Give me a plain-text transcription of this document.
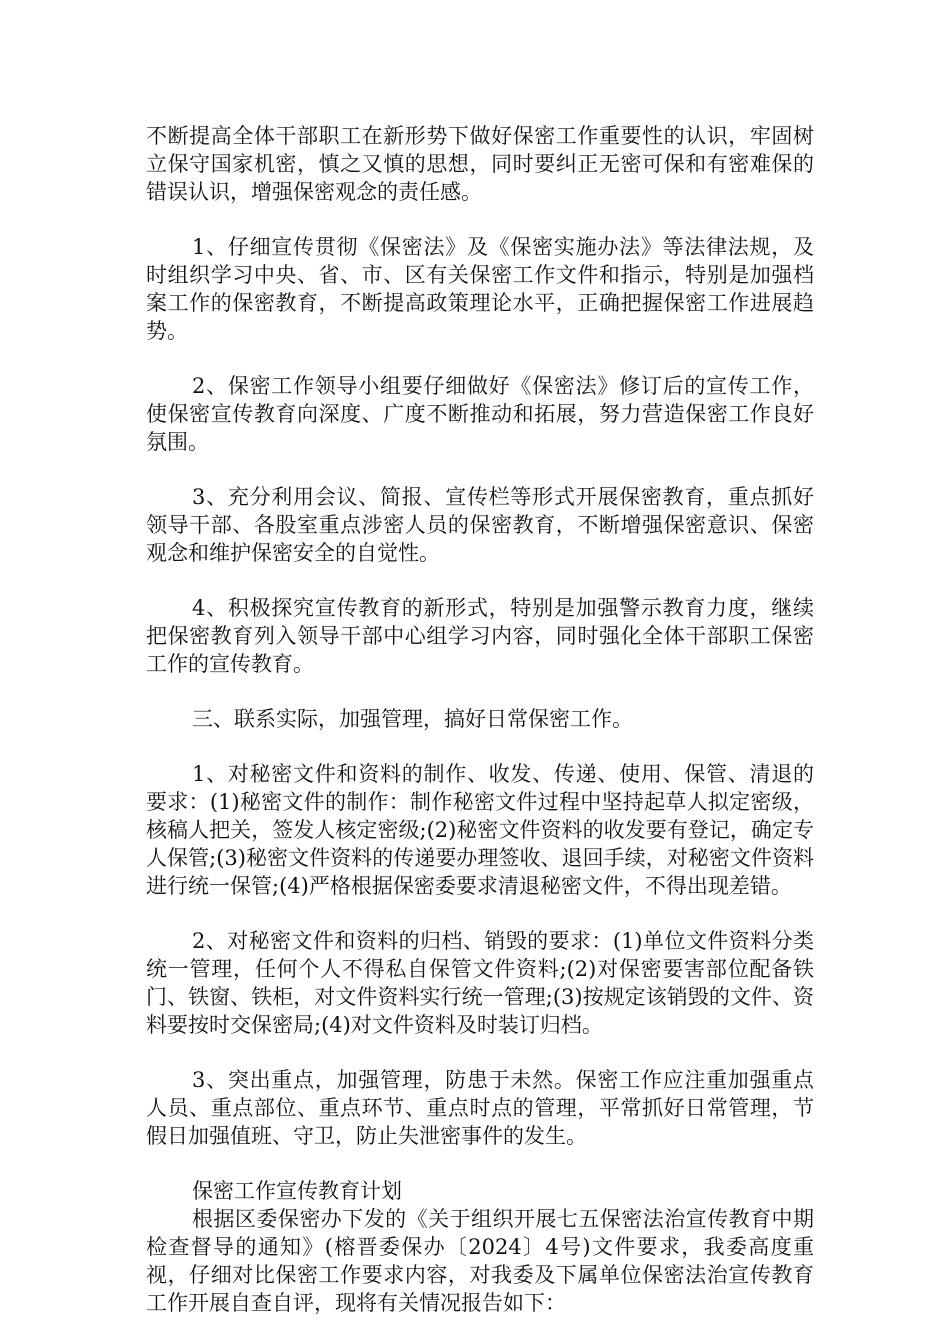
不断提高全体干部职工在新形势下做好保密工作重要性的认识，牢固树立保守国家机密，慎之又慎的思想，同时要纠正无密可保和有密难保的错误认识，增强保密观念的责任感。

1、仔细宣传贯彻《保密法》及《保密实施办法》等法律法规，及时组织学习中央、省、市、区有关保密工作文件和指示，特别是加强档案工作的保密教育，不断提高政策理论水平，正确把握保密工作进展趋势。

2、保密工作领导小组要仔细做好《保密法》修订后的宣传工作，使保密宣传教育向深度、广度不断推动和拓展，努力营造保密工作良好氛围。

3、充分利用会议、简报、宣传栏等形式开展保密教育，重点抓好领导干部、各股室重点涉密人员的保密教育，不断增强保密意识、保密观念和维护保密安全的自觉性。

4、积极探究宣传教育的新形式，特别是加强警示教育力度，继续把保密教育列入领导干部中心组学习内容，同时强化全体干部职工保密工作的宣传教育。

三、联系实际，加强管理，搞好日常保密工作。

1、对秘密文件和资料的制作、收发、传递、使用、保管、清退的要求：(1)秘密文件的制作：制作秘密文件过程中坚持起草人拟定密级，核稿人把关，签发人核定密级;(2)秘密文件资料的收发要有登记，确定专人保管;(3)秘密文件资料的传递要办理签收、退回手续，对秘密文件资料进行统一保管;(4)严格根据保密委要求清退秘密文件，不得出现差错。

2、对秘密文件和资料的归档、销毁的要求：(1)单位文件资料分类统一管理，任何个人不得私自保管文件资料;(2)对保密要害部位配备铁门、铁窗、铁柜，对文件资料实行统一管理;(3)按规定该销毁的文件、资料要按时交保密局;(4)对文件资料及时装订归档。

3、突出重点，加强管理，防患于未然。保密工作应注重加强重点人员、重点部位、重点环节、重点时点的管理，平常抓好日常管理，节假日加强值班、守卫，防止失泄密事件的发生。

保密工作宣传教育计划

根据区委保密办下发的《关于组织开展七五保密法治宣传教育中期检查督导的通知》(榕晋委保办〔2024〕4号)文件要求，我委高度重视，仔细对比保密工作要求内容，对我委及下属单位保密法治宣传教育工作开展自查自评，现将有关情况报告如下：
